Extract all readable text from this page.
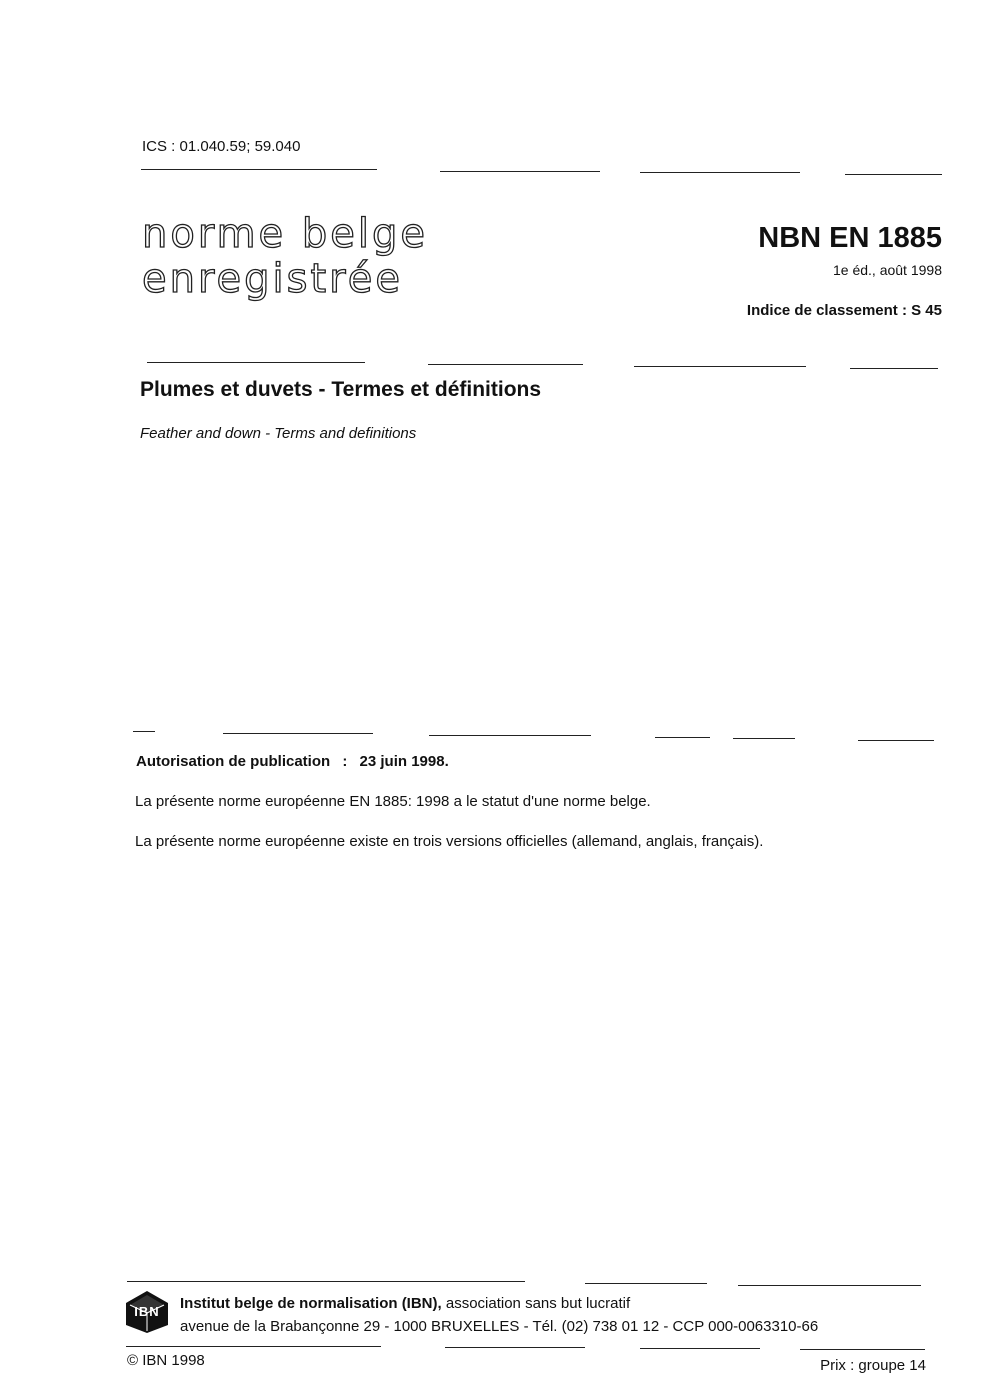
ICS : 01.040.59; 59.040
norme belge
enregistrée
NBN EN 1885
1e éd., août 1998
Indice de classement : S 45
Plumes et duvets - Termes et définitions
Feather and down - Terms and definitions
Autorisation de publication : 23 juin 1998.
La présente norme européenne EN 1885: 1998 a le statut d'une norme belge.
La présente norme européenne existe en trois versions officielles (allemand, anglais, français).
IBN	Institut belge de normalisation (IBN), association sans but lucratif
avenue de la Brabançonne 29 - 1000 BRUXELLES - Tél. (02) 738 01 12 - CCP 000-0063310-66
© IBN 1998	Prix : groupe 14
